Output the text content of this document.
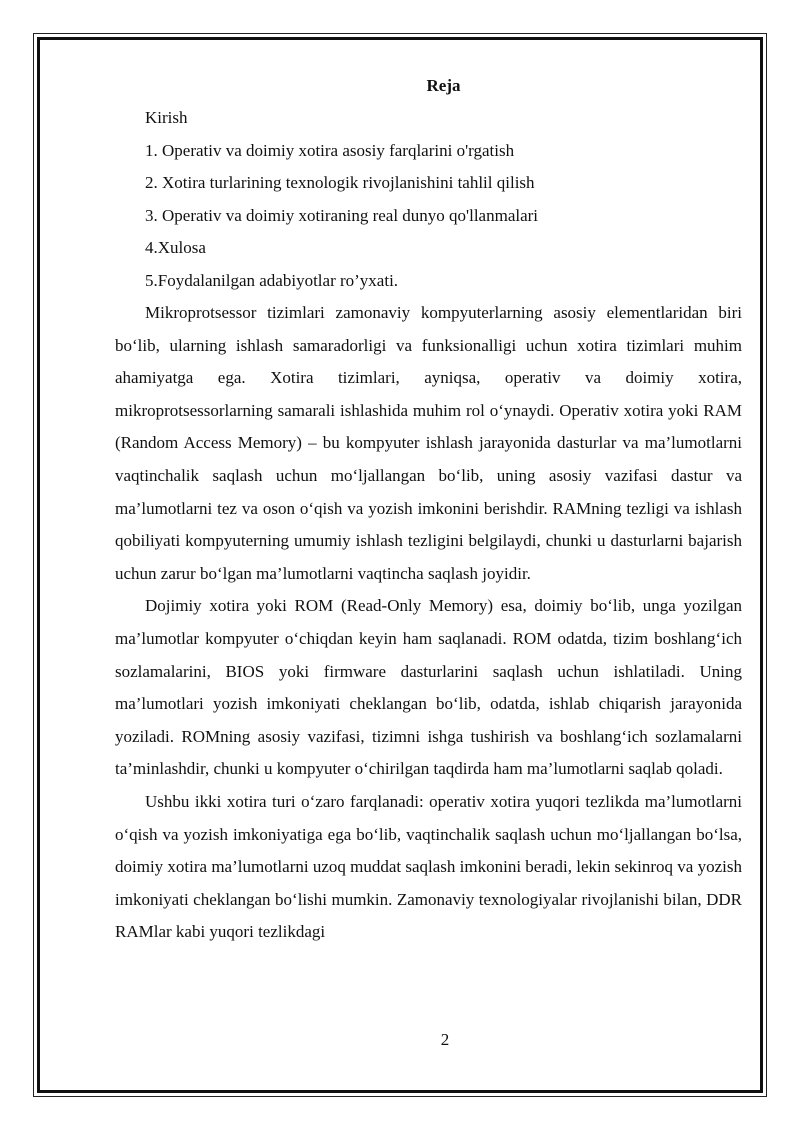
Reja

Kirish

1. Operativ va doimiy xotira asosiy farqlarini o'rgatish

2. Xotira turlarining texnologik rivojlanishini tahlil qilish

3. Operativ va doimiy xotiraning real dunyo qo'llanmalari

4.Xulosa

5.Foydalanilgan adabiyotlar ro’yxati.

Mikroprotsessor tizimlari zamonaviy kompyuterlarning asosiy elementlaridan biri bo‘lib, ularning ishlash samaradorligi va funksionalligi uchun xotira tizimlari muhim ahamiyatga ega. Xotira tizimlari, ayniqsa, operativ va doimiy xotira, mikroprotsessorlarning samarali ishlashida muhim rol o‘ynaydi. Operativ xotira yoki RAM (Random Access Memory) – bu kompyuter ishlash jarayonida dasturlar va ma’lumotlarni vaqtinchalik saqlash uchun mo‘ljallangan bo‘lib, uning asosiy vazifasi dastur va ma’lumotlarni tez va oson o‘qish va yozish imkonini berishdir. RAMning tezligi va ishlash qobiliyati kompyuterning umumiy ishlash tezligini belgilaydi, chunki u dasturlarni bajarish uchun zarur bo‘lgan ma’lumotlarni vaqtincha saqlash joyidir.

Dojimiy xotira yoki ROM (Read-Only Memory) esa, doimiy bo‘lib, unga yozilgan ma’lumotlar kompyuter o‘chiqdan keyin ham saqlanadi. ROM odatda, tizim boshlang‘ich sozlamalarini, BIOS yoki firmware dasturlarini saqlash uchun ishlatiladi. Uning ma’lumotlari yozish imkoniyati cheklangan bo‘lib, odatda, ishlab chiqarish jarayonida yoziladi. ROMning asosiy vazifasi, tizimni ishga tushirish va boshlang‘ich sozlamalarni ta’minlashdir, chunki u kompyuter o‘chirilgan taqdirda ham ma’lumotlarni saqlab qoladi.

Ushbu ikki xotira turi o‘zaro farqlanadi: operativ xotira yuqori tezlikda ma’lumotlarni o‘qish va yozish imkoniyatiga ega bo‘lib, vaqtinchalik saqlash uchun mo‘ljallangan bo‘lsa, doimiy xotira ma’lumotlarni uzoq muddat saqlash imkonini beradi, lekin sekinroq va yozish imkoniyati cheklangan bo‘lishi mumkin. Zamonaviy texnologiyalar rivojlanishi bilan, DDR RAMlar kabi yuqori tezlikdagi

2
